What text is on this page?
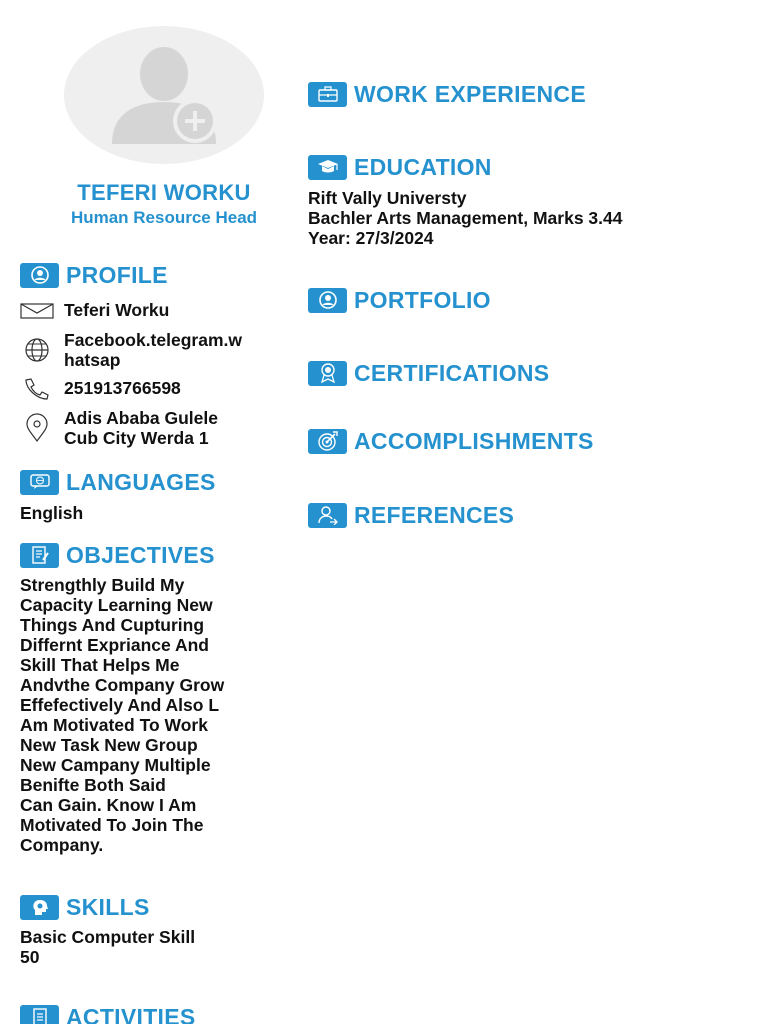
TEFERI WORKU
Human Resource Head
PROFILE
Teferi Worku
Facebook.telegram.w
hatsap
251913766598
Adis Ababa Gulele
Cub City Werda 1
LANGUAGES
English
OBJECTIVES
Strengthly Build My
Capacity Learning New
Things And Cupturing
Differnt Expriance And
Skill That Helps Me
Andvthe Company Grow
Effefectively And Also L
Am Motivated To Work
New Task New Group
New Campany Multiple
Benifte Both Said
Can Gain. Know I Am
Motivated To Join The
Company.
SKILLS
Basic Computer Skill
50
ACTIVITIES
WORK EXPERIENCE
EDUCATION
Rift Vally Universty
Bachler Arts Management, Marks 3.44
Year: 27/3/2024
PORTFOLIO
CERTIFICATIONS
ACCOMPLISHMENTS
REFERENCES
